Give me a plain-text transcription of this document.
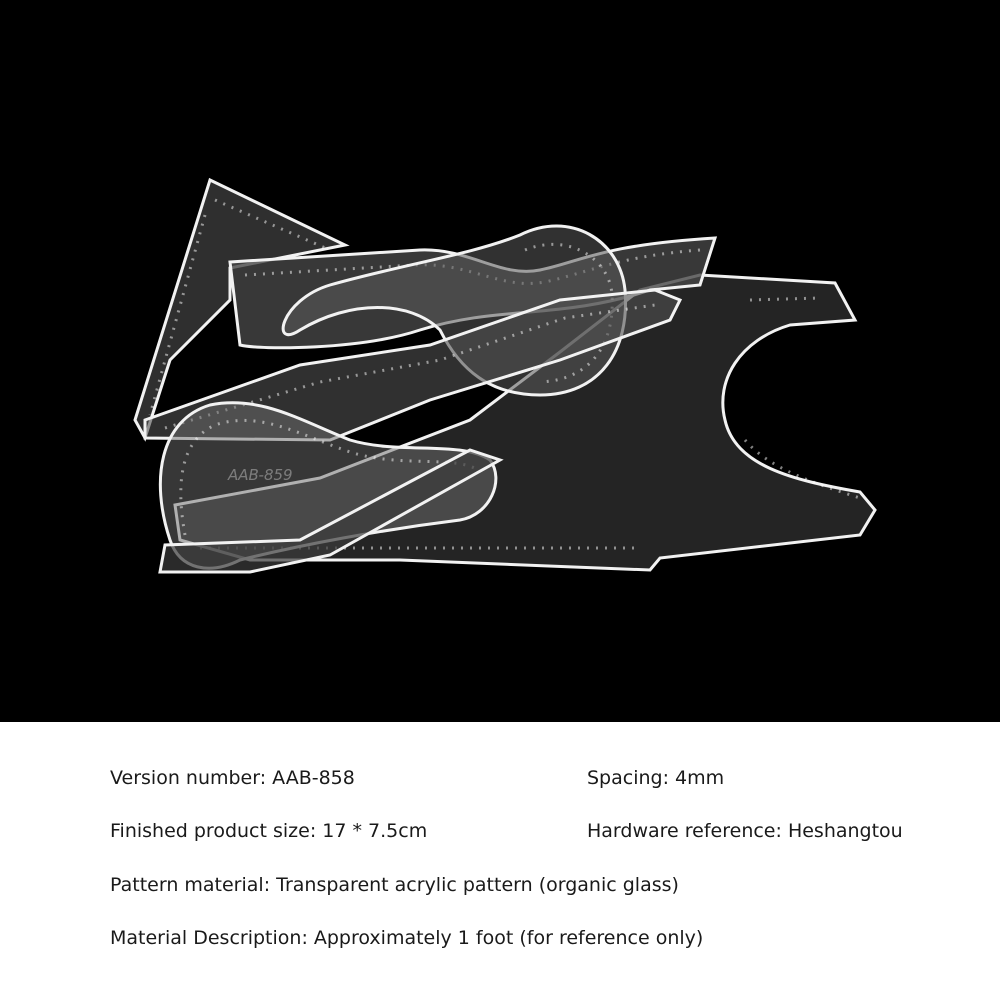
AAB-859
Version number: AAB-858	Spacing: 4mm
Finished product size: 17 * 7.5cm	Hardware reference: Heshangtou
Pattern material: Transparent acrylic pattern (organic glass)
Material Description: Approximately 1 foot (for reference only)
